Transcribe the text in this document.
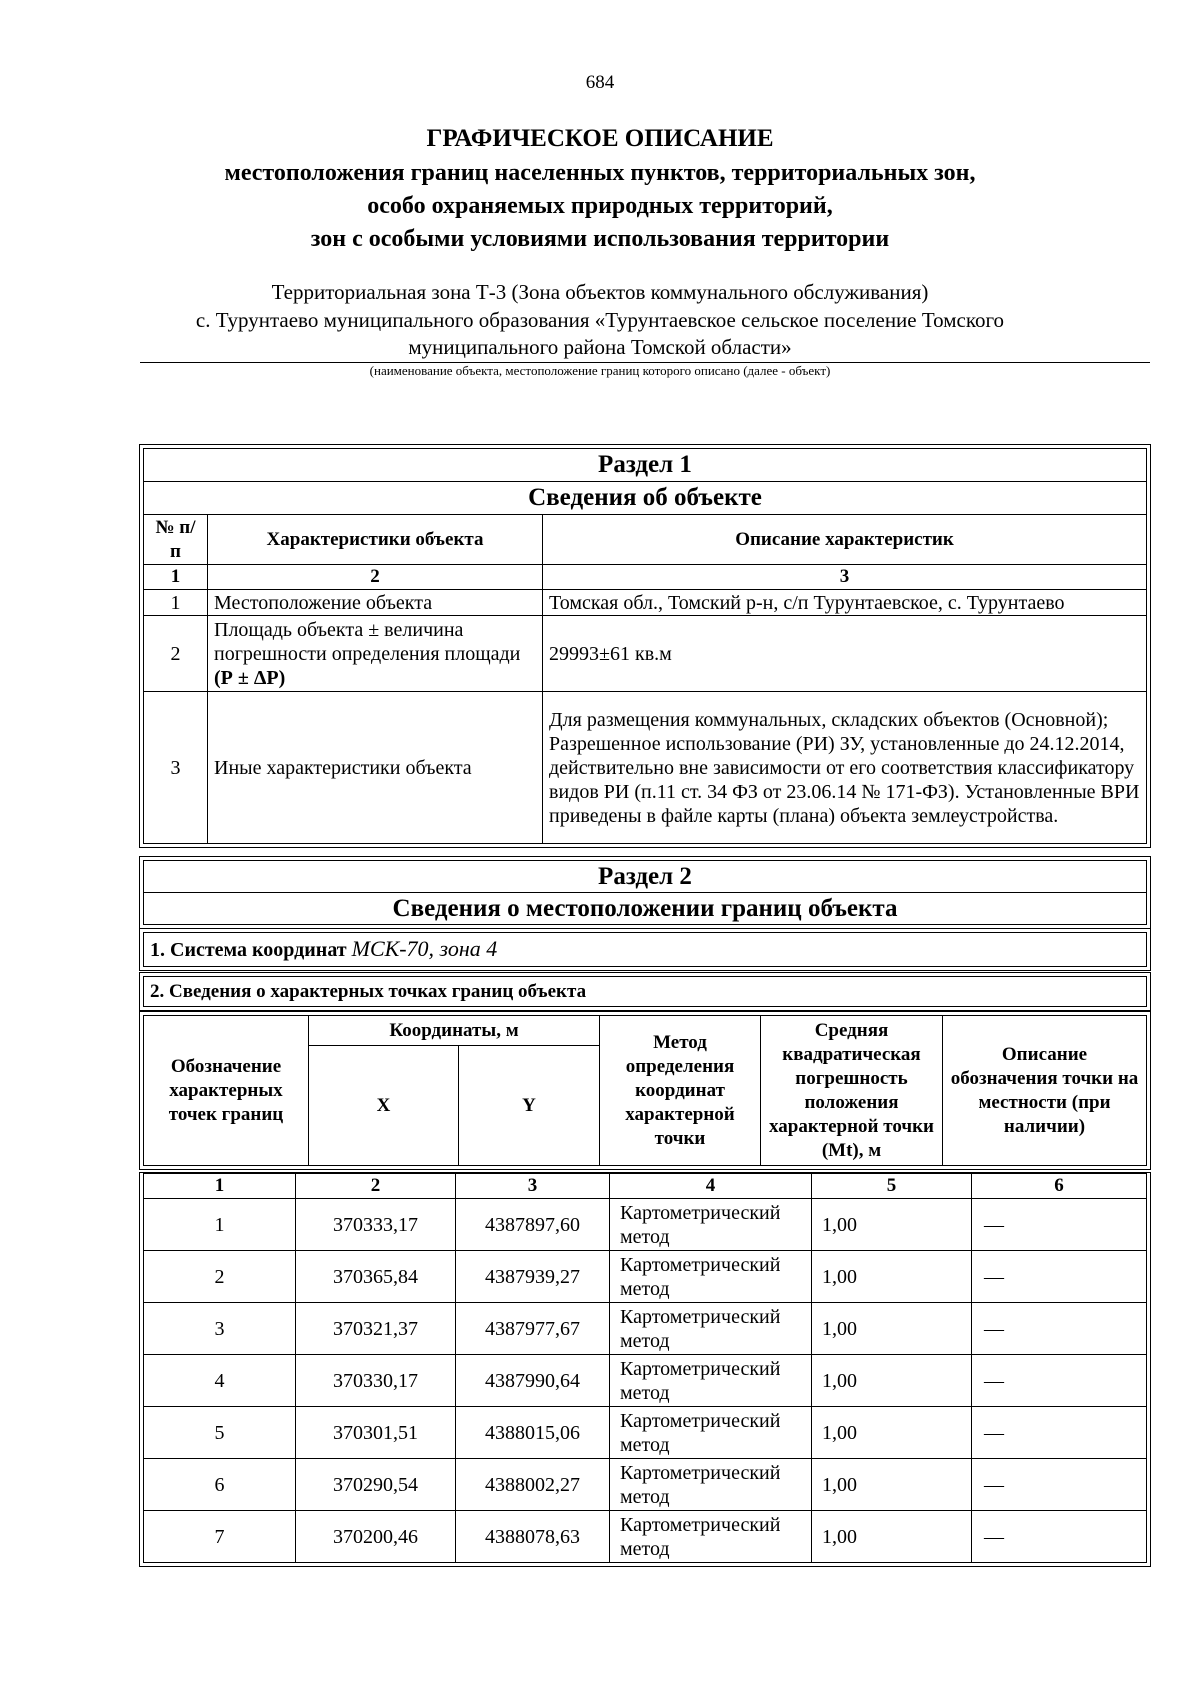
684
ГРАФИЧЕСКОЕ ОПИСАНИЕ
местоположения границ населенных пунктов, территориальных зон,
особо охраняемых природных территорий,
зон с особыми условиями использования территории
Территориальная зона Т-3 (Зона объектов коммунального обслуживания)
с. Турунтаево муниципального образования «Турунтаевское сельское поселение Томского
муниципального района Томской области»
(наименование объекта, местоположение границ которого описано (далее - объект)
Раздел 1		
Сведения об объекте		
№ п/п	Характеристики объекта	Описание характеристик
1	2	3
1	Местоположение объекта	Томская обл., Томский р-н, с/п Турунтаевское, с. Турунтаево
2	Площадь объекта ± величина погрешности определения площади (Р ± ΔР)	29993±61 кв.м
3	Иные характеристики объекта	Для размещения коммунальных, складских объектов (Основной); Разрешенное использование (РИ) ЗУ, установленные до 24.12.2014, действительно вне зависимости от его соответствия классификатору видов РИ (п.11 ст. 34 ФЗ от 23.06.14 № 171-ФЗ). Установленные ВРИ приведены в файле карты (плана) объекта землеустройства.
Раздел 2
Сведения о местоположении границ объекта
1. Система координат МСК-70, зона 4
2. Сведения о характерных точках границ объекта
Обозначение характерных точек границ	Координаты, м		Метод определения координат характерной точки	Средняя квадратическая погрешность положения характерной точки (Mt), м	Описание обозначения точки на местности (при наличии)
	X	Y			
1	2	3	4	5	6
1	370333,17	4387897,60	Картометрический метод	1,00	—
2	370365,84	4387939,27	Картометрический метод	1,00	—
3	370321,37	4387977,67	Картометрический метод	1,00	—
4	370330,17	4387990,64	Картометрический метод	1,00	—
5	370301,51	4388015,06	Картометрический метод	1,00	—
6	370290,54	4388002,27	Картометрический метод	1,00	—
7	370200,46	4388078,63	Картометрический метод	1,00	—
